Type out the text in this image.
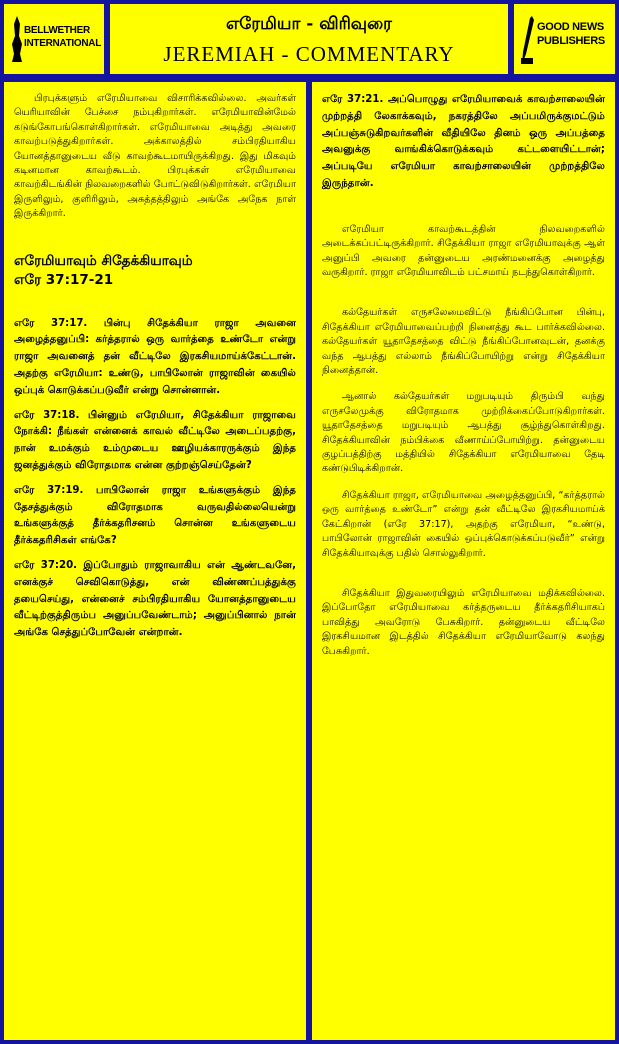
BELLWETHER
INTERNATIONAL
எரேமியா - விரிவுரை
JEREMIAH - COMMENTARY
GOOD NEWS
PUBLISHERS

பிரபுக்களும் எரேமியாவை விசாரிக்கவில்லை. அவர்கள் யெரியாவின் பேச்சை நம்புகிறார்கள். எரேமியாவின்மேல் கடுங்கோபங்கொள்கிறார்கள். எரேமியாவை அடித்து அவரை காவற்படுத்துகிறார்கள். அக்காலத்தில் சம்பிரதியாகிய யோனத்தானுடைய வீடு காவற்கூடமாயிருக்கிறது. இது மிகவும் கடினமான காவற்கூடம். பிரபுக்கள் எரேமியாவை காவற்கிடங்கின் நிலவறைகளில் போட்டுவிடுகிறார்கள். எரேமியா இருளிலும், குளிரிலும், அசுத்தத்திலும் அங்கே அநேக நாள் இருக்கிறார்.

எரேமியாவும் சிதேக்கியாவும்
எரே 37:17-21

எரே 37:17. பின்பு சிதேக்கியா ராஜா அவனை அழைத்தனுப்பி: கர்த்தரால் ஒரு வார்த்தை உண்டோ என்று ராஜா அவனைத் தன் வீட்டிலே இரகசியமாய்க்கேட்டான். அதற்கு எரேமியா: உண்டு, பாபிலோன் ராஜாவின் கையில் ஒப்புக் கொடுக்கப்படுவீர் என்று சொன்னான்.

எரே 37:18. பின்னும் எரேமியா, சிதேக்கியா ராஜாவை நோக்கி: நீங்கள் என்னைக் காவல் வீட்டிலே அடைப்பதற்கு, நான் உமக்கும் உம்முடைய ஊழியக்காரருக்கும் இந்த ஜனத்துக்கும் விரோதமாக என்ன குற்றஞ்செய்தேன்?

எரே 37:19. பாபிலோன் ராஜா உங்களுக்கும் இந்த தேசத்துக்கும் விரோதமாக வருவதில்லையென்று உங்களுக்குத் தீர்க்கதரிசனம் சொன்ன உங்களுடைய தீர்க்கதரிசிகள் எங்கே?

எரே 37:20. இப்போதும் ராஜாவாகிய என் ஆண்டவனே, எனக்குச் செவிகொடுத்து, என் விண்ணப்பத்துக்கு தயைசெய்து, என்னைச் சம்பிரதியாகிய யோனத்தானுடைய வீட்டிற்குத்திரும்ப அனுப்பவேண்டாம்; அனுப்பினால் நான் அங்கே செத்துப்போவேன் என்றான்.

எரே 37:21. அப்பொழுது எரேமியாவைக் காவற்சாலையின் முற்றத்தி லேகாக்கவும், நகரத்திலே அப்பமிருக்குமட்டும் அப்பஞ்சுடுகிறவர்களின் வீதியிலே தினம் ஒரு அப்பத்தை அவனுக்கு வாங்கிக்கொடுக்கவும் கட்டளையிட்டான்; அப்படியே எரேமியா காவற்சாலையின் முற்றத்திலே இருந்தான்.

எரேமியா காவற்கூடத்தின் நிலவறைகளில் அடைக்கப்பட்டிருக்கிறார். சிதேக்கியா ராஜா எரேமியாவுக்கு ஆள் அனுப்பி அவரை தன்னுடைய அரண்மனைக்கு அழைத்து வருகிறார். ராஜா எரேமியாவிடம் பட்சமாய் நடந்துகொள்கிறார்.

கல்தேயர்கள் எருசலேமைவிட்டு நீங்கிப்போன பின்பு, சிதேக்கியா எரேமியாவைப்பற்றி நினைத்து கூட பார்க்கவில்லை. கல்தேயர்கள் யூதாதேசத்தை விட்டு நீங்கிப்போனவுடன், தனக்கு வந்த ஆபத்து எல்லாம் நீங்கிப்போயிற்று என்று சிதேக்கியா நினைத்தான்.

ஆனால் கல்தேயர்கள் மறுபடியும் திரும்பி வந்து எருசலேமுக்கு விரோதமாக முற்றிக்கைப்போடுகிறார்கள். யூதாதேசத்தை மறுபடியும் ஆபத்து சூழ்ந்துகொள்கிறது. சிதேக்கியாவின் நம்பிக்கை வீணாய்ப்போயிற்று. தன்னுடைய குழப்பத்திற்கு மத்தியில் சிதேக்கியா எரேமியாவை தேடி கண்டுபிடிக்கிறான்.

சிதேக்கியா ராஜா, எரேமியாவை அழைத்தனுப்பி, “கர்த்தரால் ஒரு வார்த்தை உண்டோ” என்று தன் வீட்டிலே இரகசியமாய்க் கேட்கிறான் (எரே 37:17), அதற்கு எரேமியா, “உண்டு, பாபிலோன் ராஜாவின் கையில் ஒப்புக்கொடுக்கப்படுவீர்” என்று சிதேக்கியாவுக்கு பதில் சொல்லுகிறார்.

சிதேக்கியா இதுவரையிலும் எரேமியாவை மதிக்கவில்லை. இப்போதோ எரேமியாவை கர்த்தருடைய தீர்க்கதரிசியாகப் பாவித்து அவரோடு பேசுகிறார். தன்னுடைய வீட்டிலே இரகசியமான இடத்தில் சிதேக்கியா எரேமியாவோடு கலந்து பேசுகிறார்.
